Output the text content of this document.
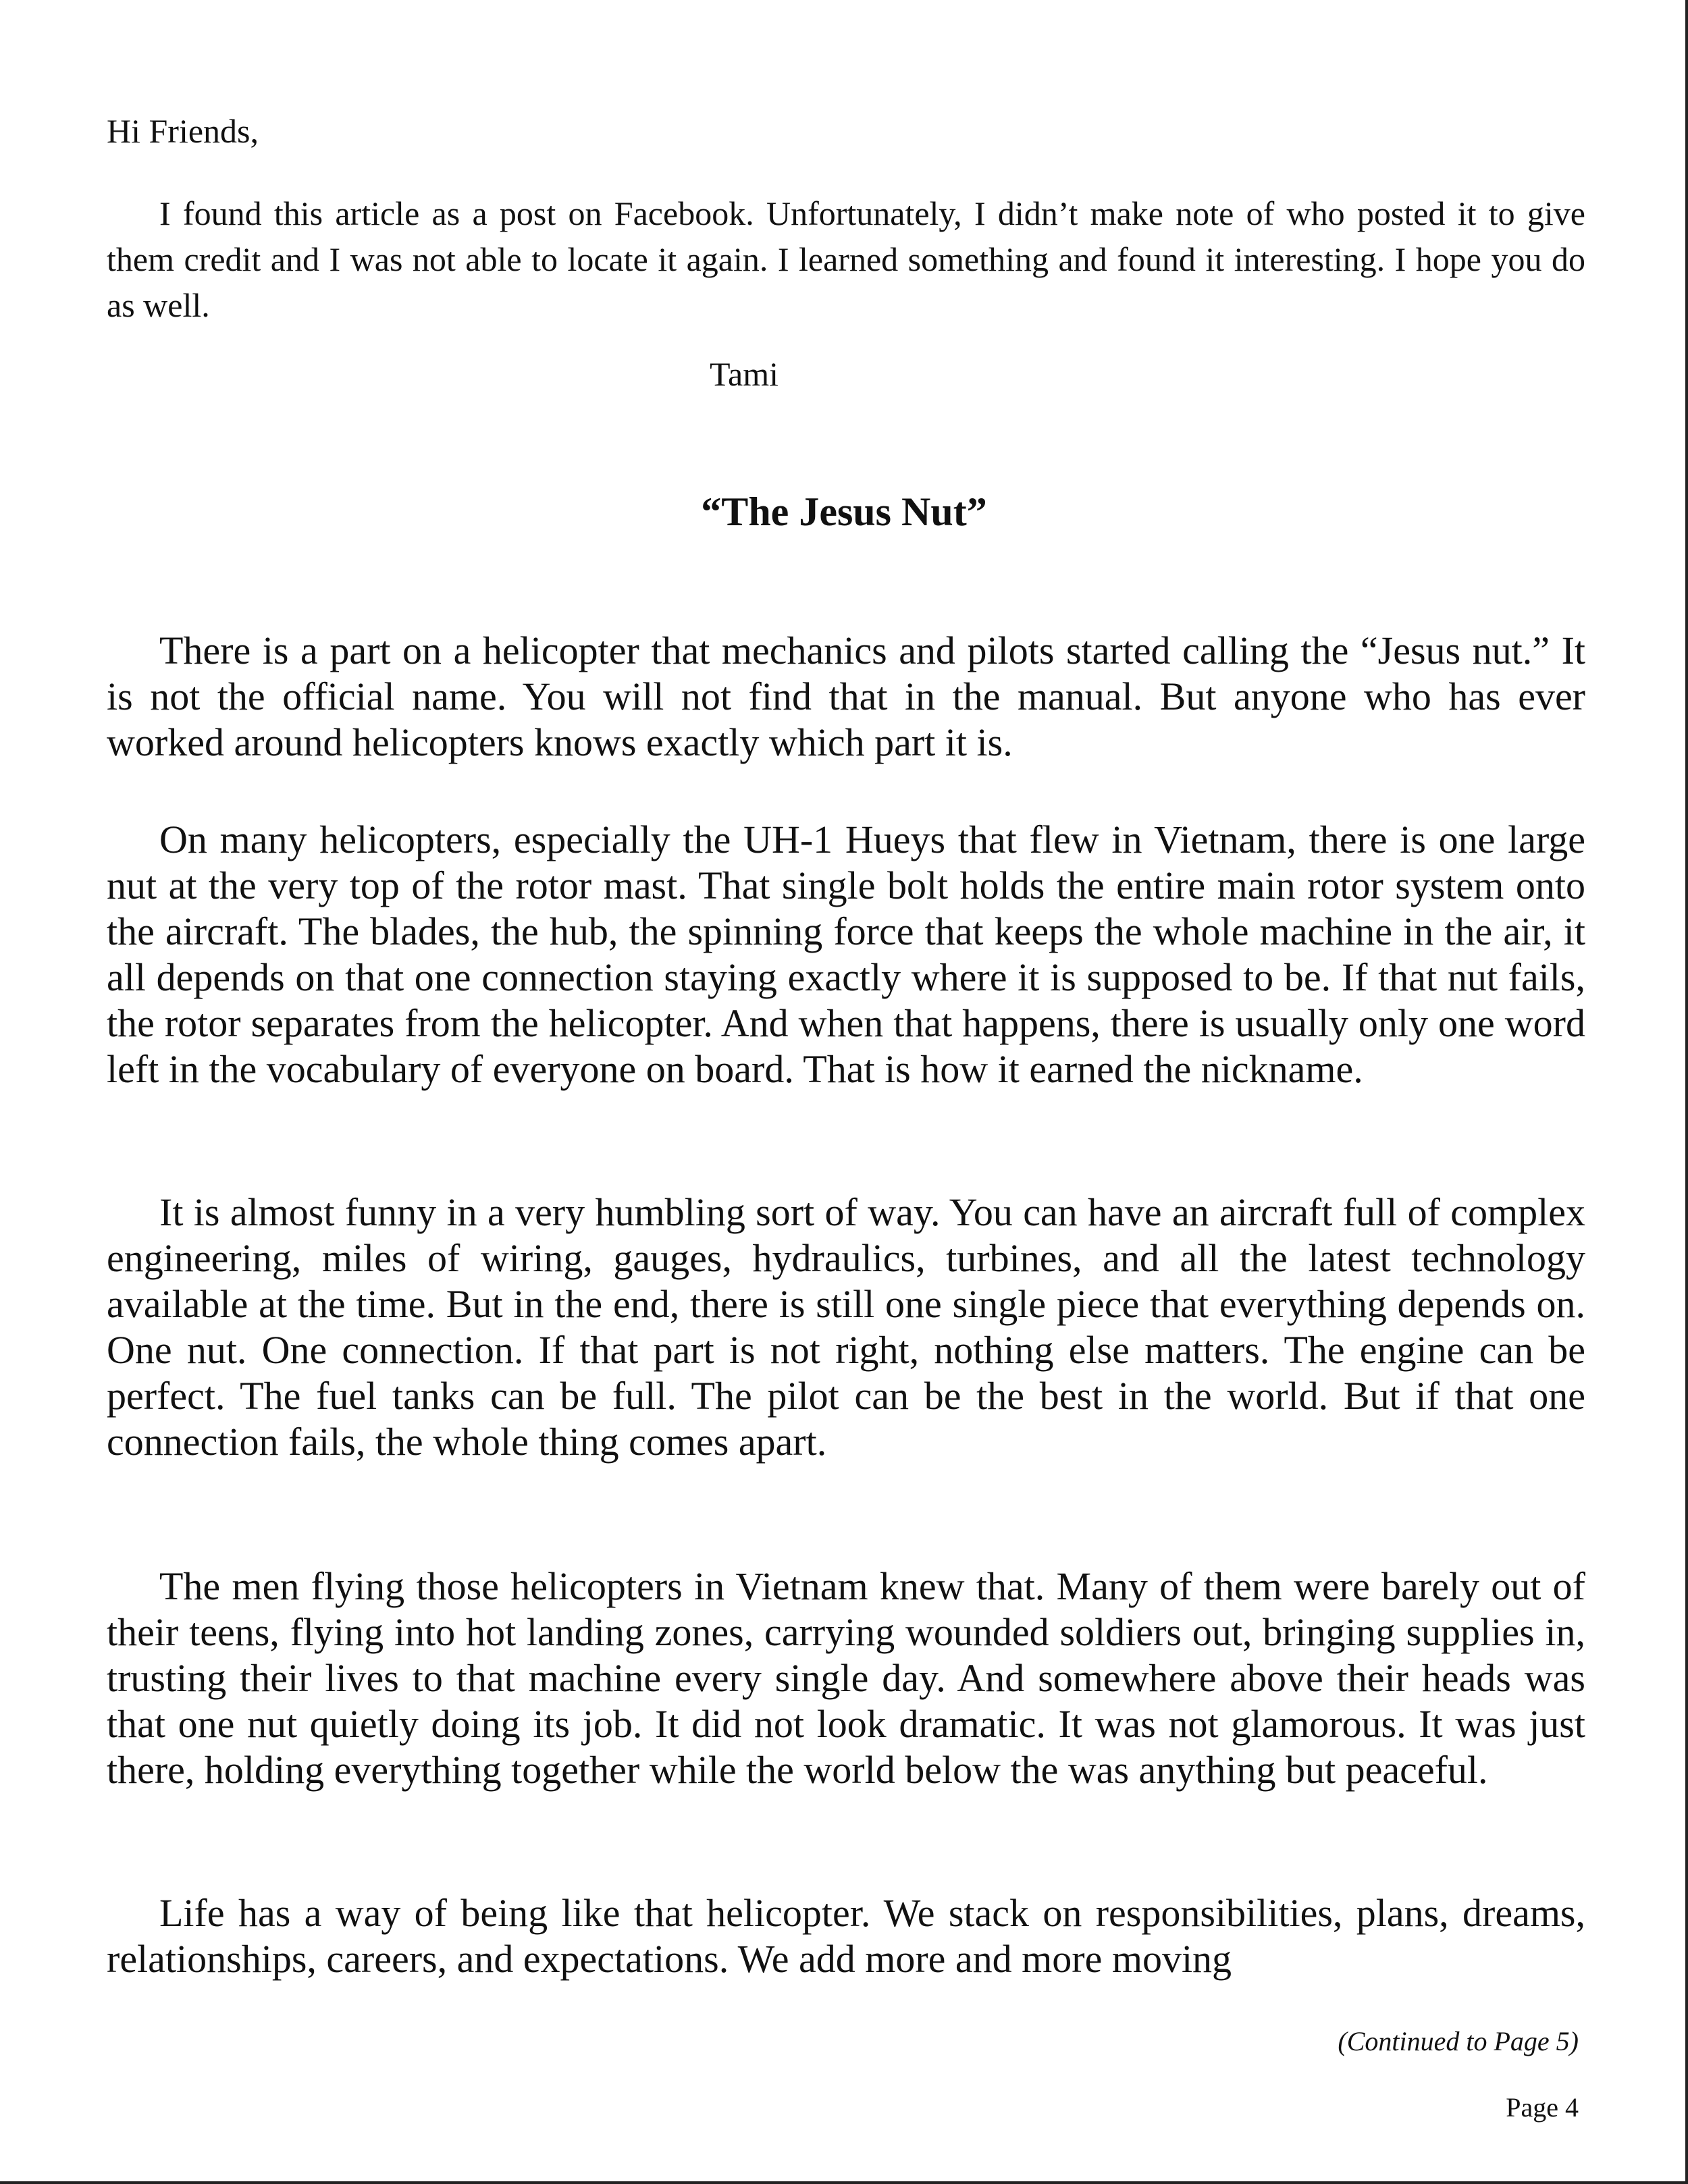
Hi Friends,

I found this article as a post on Facebook. Unfortunately, I didn’t make note of who posted it to give them credit and I was not able to locate it again. I learned something and found it interesting. I hope you do as well.

Tami

“The Jesus Nut”

There is a part on a helicopter that mechanics and pilots started calling the “Jesus nut.” It is not the official name. You will not find that in the manual. But anyone who has ever worked around helicopters knows exactly which part it is.

On many helicopters, especially the UH-1 Hueys that flew in Vietnam, there is one large nut at the very top of the rotor mast. That single bolt holds the entire main rotor system onto the aircraft. The blades, the hub, the spinning force that keeps the whole machine in the air, it all depends on that one connection staying exactly where it is supposed to be. If that nut fails, the rotor separates from the helicopter. And when that happens, there is usually only one word left in the vocabulary of everyone on board. That is how it earned the nickname.

It is almost funny in a very humbling sort of way. You can have an aircraft full of complex engineering, miles of wiring, gauges, hydraulics, turbines, and all the latest technology available at the time. But in the end, there is still one single piece that everything depends on. One nut. One connection. If that part is not right, nothing else matters. The engine can be perfect. The fuel tanks can be full. The pilot can be the best in the world. But if that one connection fails, the whole thing comes apart.

The men flying those helicopters in Vietnam knew that. Many of them were barely out of their teens, flying into hot landing zones, carrying wounded soldiers out, bringing supplies in, trusting their lives to that machine every single day. And somewhere above their heads was that one nut quietly doing its job. It did not look dramatic. It was not glamorous. It was just there, holding everything together while the world below the was anything but peaceful.

Life has a way of being like that helicopter. We stack on responsibilities, plans, dreams, relationships, careers, and expectations. We add more and more moving

(Continued to Page 5)

Page 4
